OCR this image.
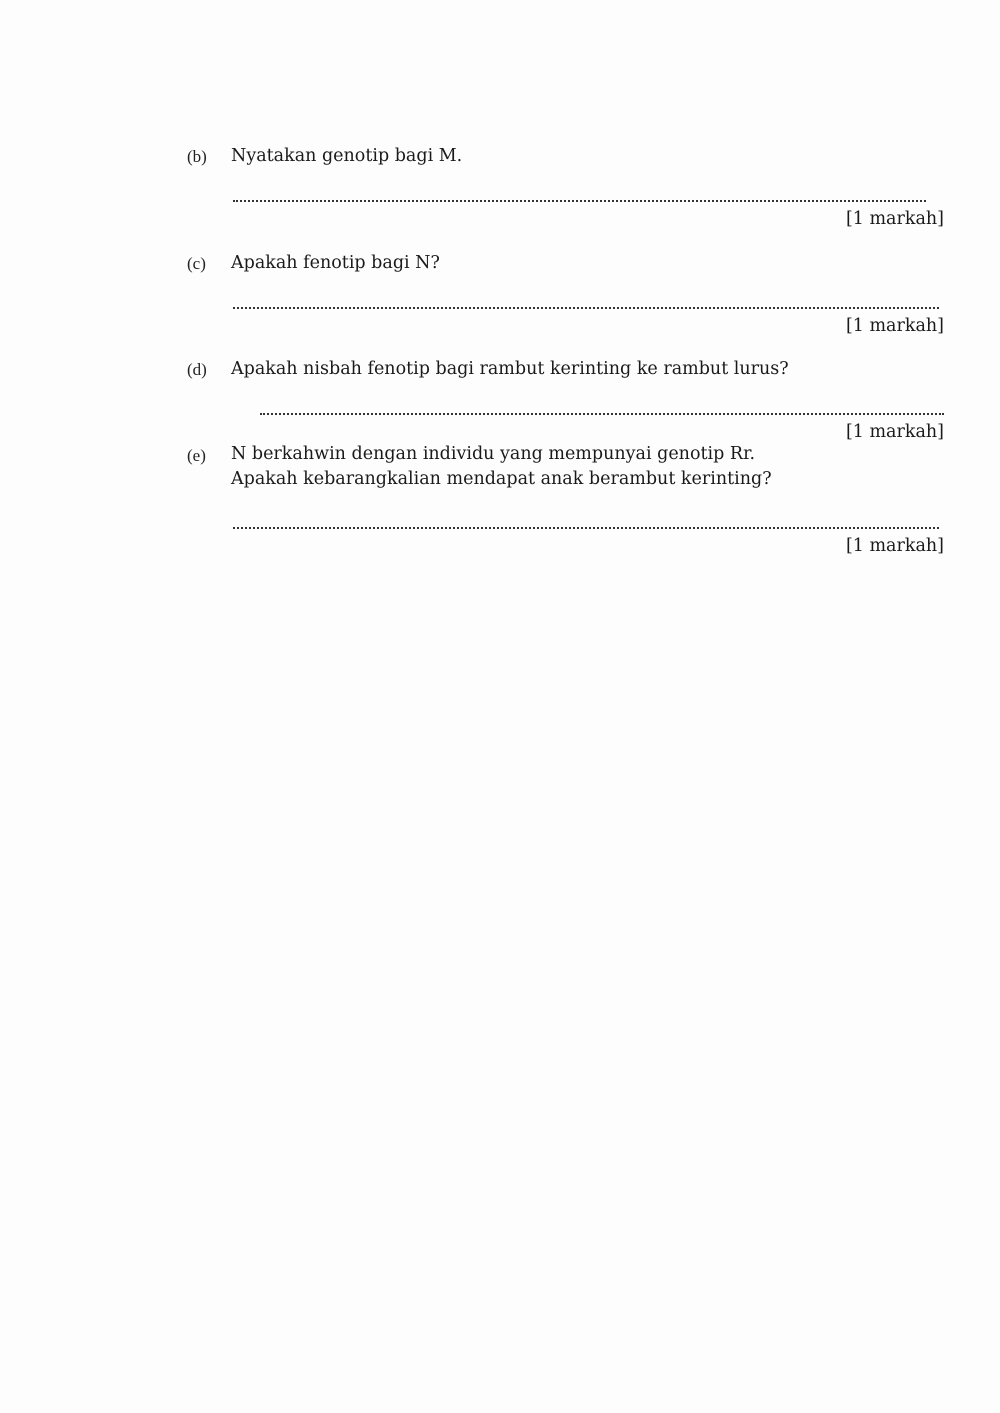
(b) Nyatakan genotip bagi M.
[1 markah]
(c) Apakah fenotip bagi N?
[1 markah]
(d) Apakah nisbah fenotip bagi rambut kerinting ke rambut lurus?
[1 markah]
(e) N berkahwin dengan individu yang mempunyai genotip Rr.
Apakah kebarangkalian mendapat anak berambut kerinting?
[1 markah]
